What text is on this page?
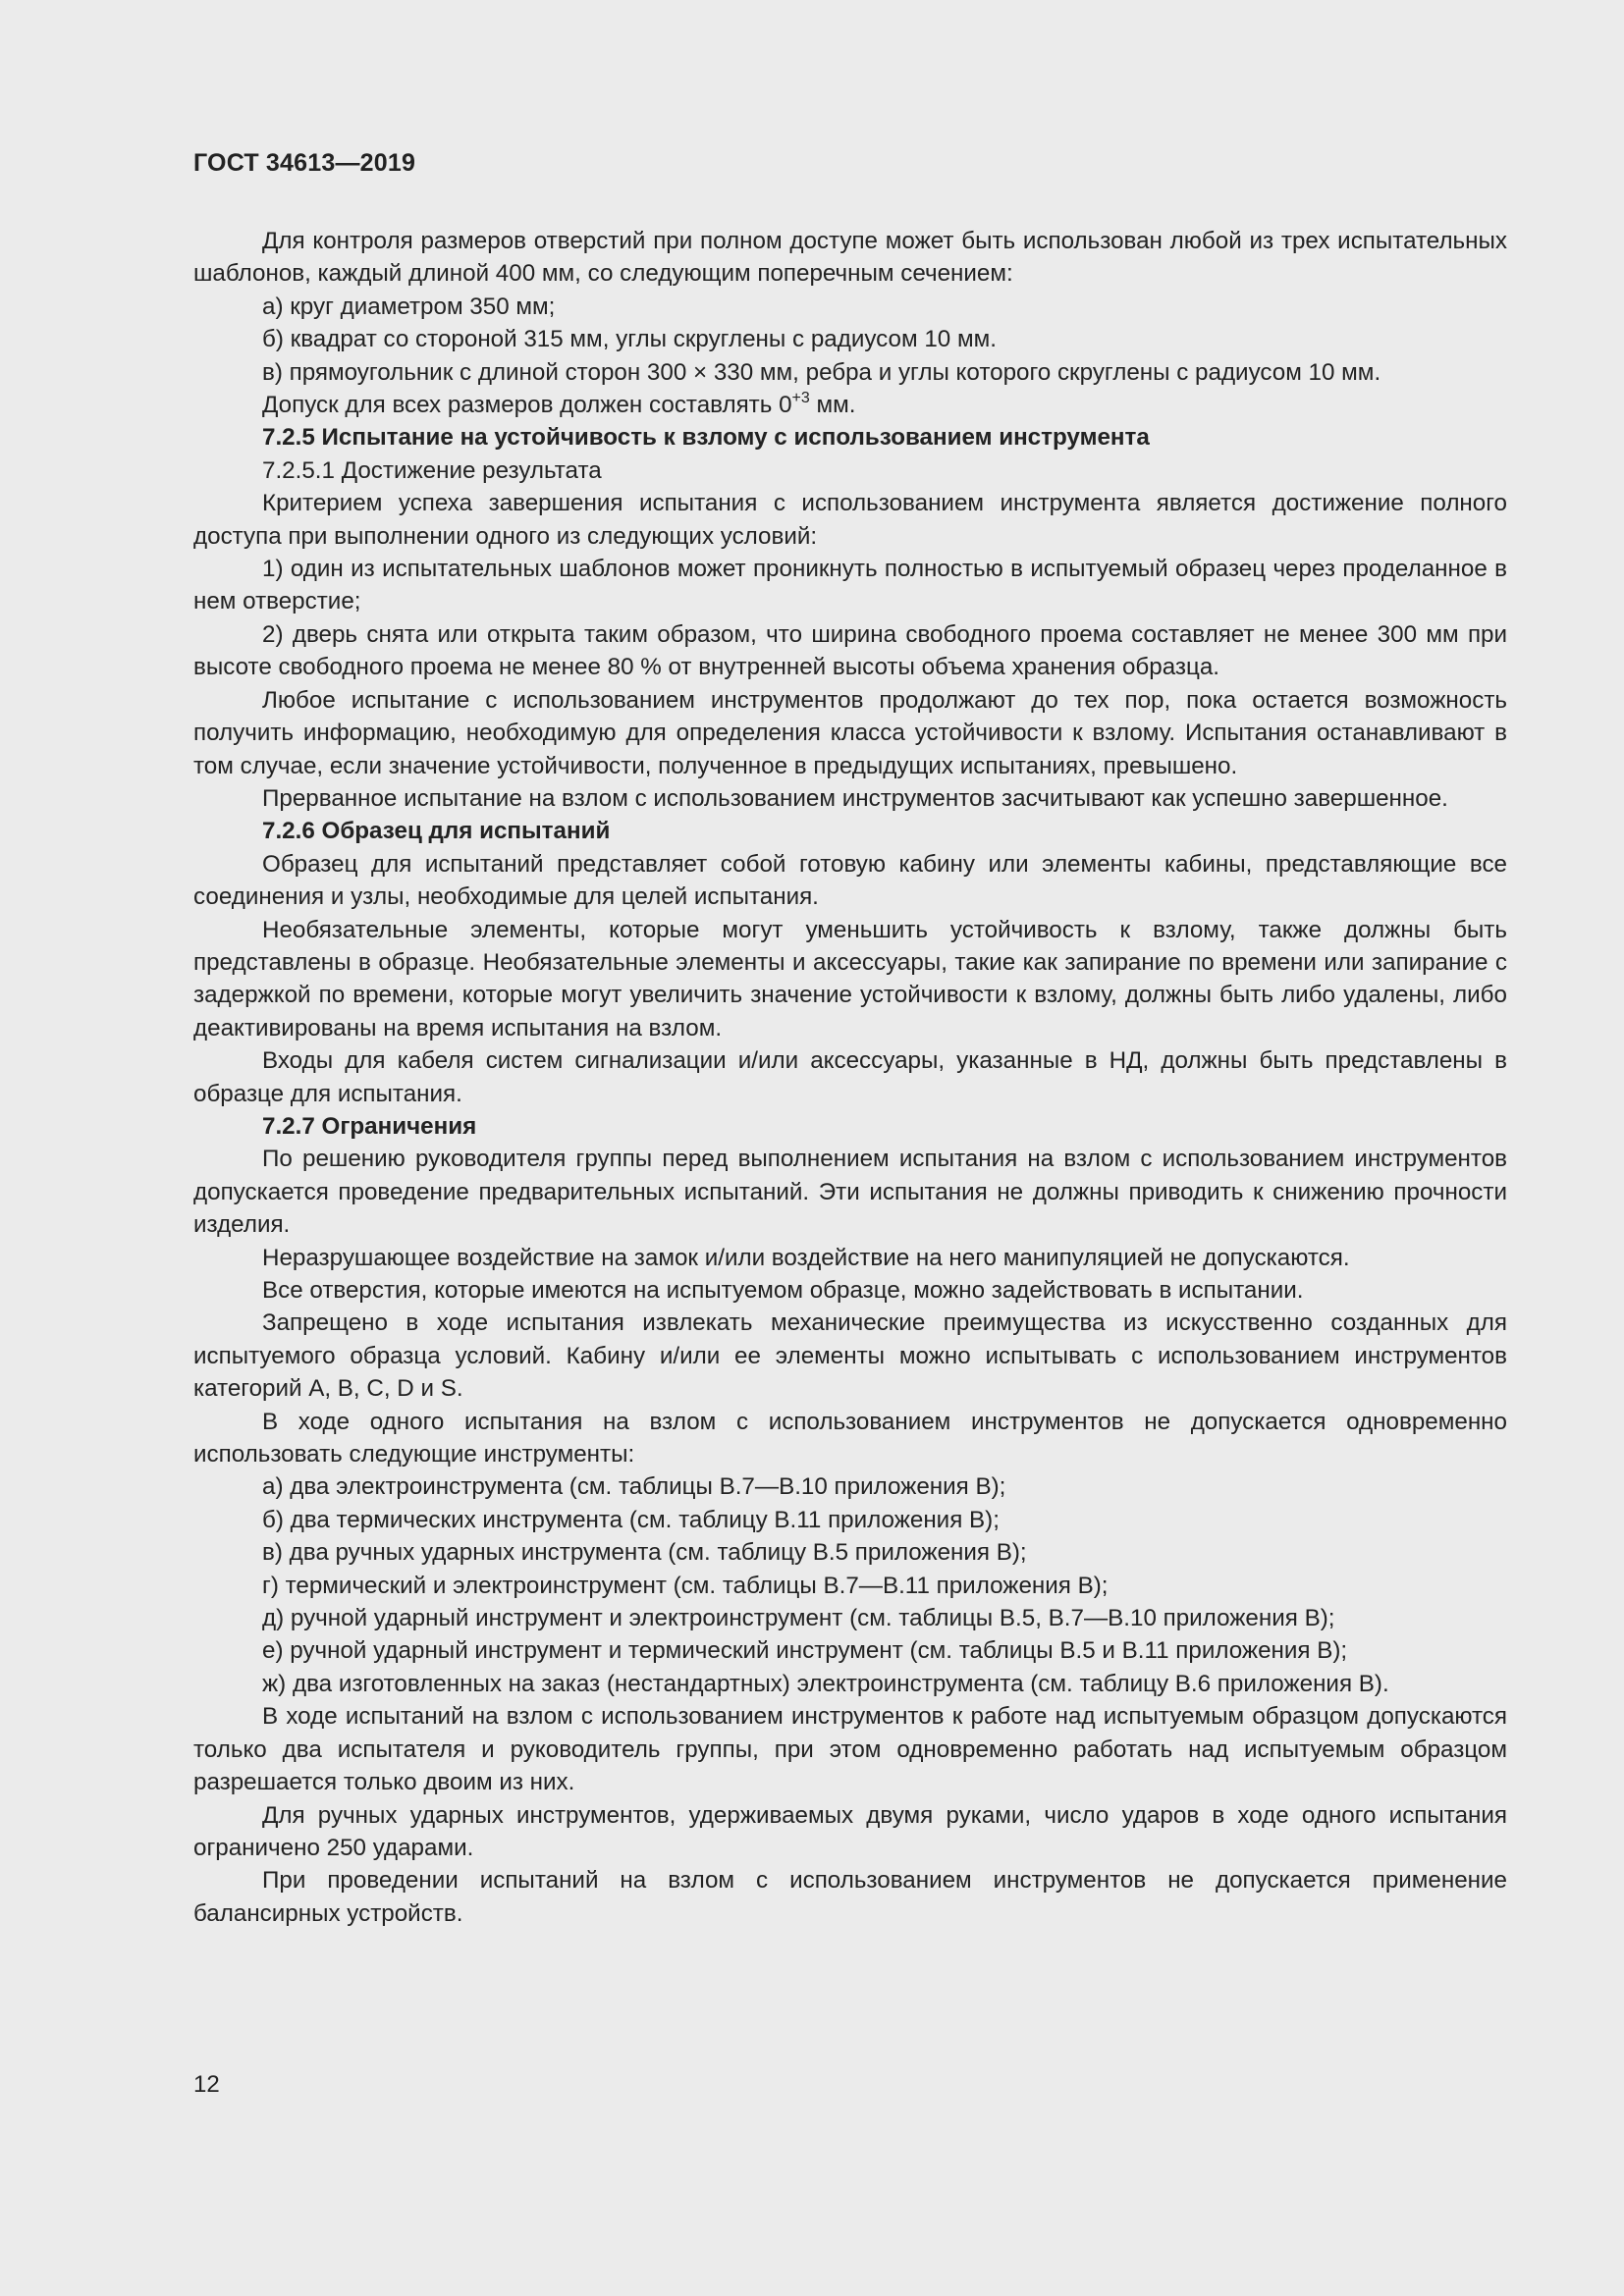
ГОСТ 34613—2019

Для контроля размеров отверстий при полном доступе может быть использован любой из трех испытательных шаблонов, каждый длиной 400 мм, со следующим поперечным сечением:

а) круг диаметром 350 мм;

б) квадрат со стороной 315 мм, углы скруглены с радиусом 10 мм.

в) прямоугольник с длиной сторон 300 × 330 мм, ребра и углы которого скруглены с радиусом 10 мм.

Допуск для всех размеров должен составлять $0^{+3}$ мм.

7.2.5 Испытание на устойчивость к взлому с использованием инструмента

7.2.5.1 Достижение результата

Критерием успеха завершения испытания с использованием инструмента является достижение полного доступа при выполнении одного из следующих условий:

1) один из испытательных шаблонов может проникнуть полностью в испытуемый образец через проделанное в нем отверстие;

2) дверь снята или открыта таким образом, что ширина свободного проема составляет не менее 300 мм при высоте свободного проема не менее 80 % от внутренней высоты объема хранения образца.

Любое испытание с использованием инструментов продолжают до тех пор, пока остается возможность получить информацию, необходимую для определения класса устойчивости к взлому. Испытания останавливают в том случае, если значение устойчивости, полученное в предыдущих испытаниях, превышено.

Прерванное испытание на взлом с использованием инструментов засчитывают как успешно завершенное.

7.2.6 Образец для испытаний

Образец для испытаний представляет собой готовую кабину или элементы кабины, представляющие все соединения и узлы, необходимые для целей испытания.

Необязательные элементы, которые могут уменьшить устойчивость к взлому, также должны быть представлены в образце. Необязательные элементы и аксессуары, такие как запирание по времени или запирание с задержкой по времени, которые могут увеличить значение устойчивости к взлому, должны быть либо удалены, либо деактивированы на время испытания на взлом.

Входы для кабеля систем сигнализации и/или аксессуары, указанные в НД, должны быть представлены в образце для испытания.

7.2.7 Ограничения

По решению руководителя группы перед выполнением испытания на взлом с использованием инструментов допускается проведение предварительных испытаний. Эти испытания не должны приводить к снижению прочности изделия.

Неразрушающее воздействие на замок и/или воздействие на него манипуляцией не допускаются.

Все отверстия, которые имеются на испытуемом образце, можно задействовать в испытании.

Запрещено в ходе испытания извлекать механические преимущества из искусственно созданных для испытуемого образца условий. Кабину и/или ее элементы можно испытывать с использованием инструментов категорий А, В, С, D и S.

В ходе одного испытания на взлом с использованием инструментов не допускается одновременно использовать следующие инструменты:

а) два электроинструмента (см. таблицы В.7—В.10 приложения В);

б) два термических инструмента (см. таблицу В.11 приложения В);

в) два ручных ударных инструмента (см. таблицу В.5 приложения В);

г) термический и электроинструмент (см. таблицы В.7—В.11 приложения В);

д) ручной ударный инструмент и электроинструмент (см. таблицы В.5, В.7—В.10 приложения В);

е) ручной ударный инструмент и термический инструмент (см. таблицы В.5 и В.11 приложения В);

ж) два изготовленных на заказ (нестандартных) электроинструмента (см. таблицу В.6 приложения В).

В ходе испытаний на взлом с использованием инструментов к работе над испытуемым образцом допускаются только два испытателя и руководитель группы, при этом одновременно работать над испытуемым образцом разрешается только двоим из них.

Для ручных ударных инструментов, удерживаемых двумя руками, число ударов в ходе одного испытания ограничено 250 ударами.

При проведении испытаний на взлом с использованием инструментов не допускается применение балансирных устройств.

12
